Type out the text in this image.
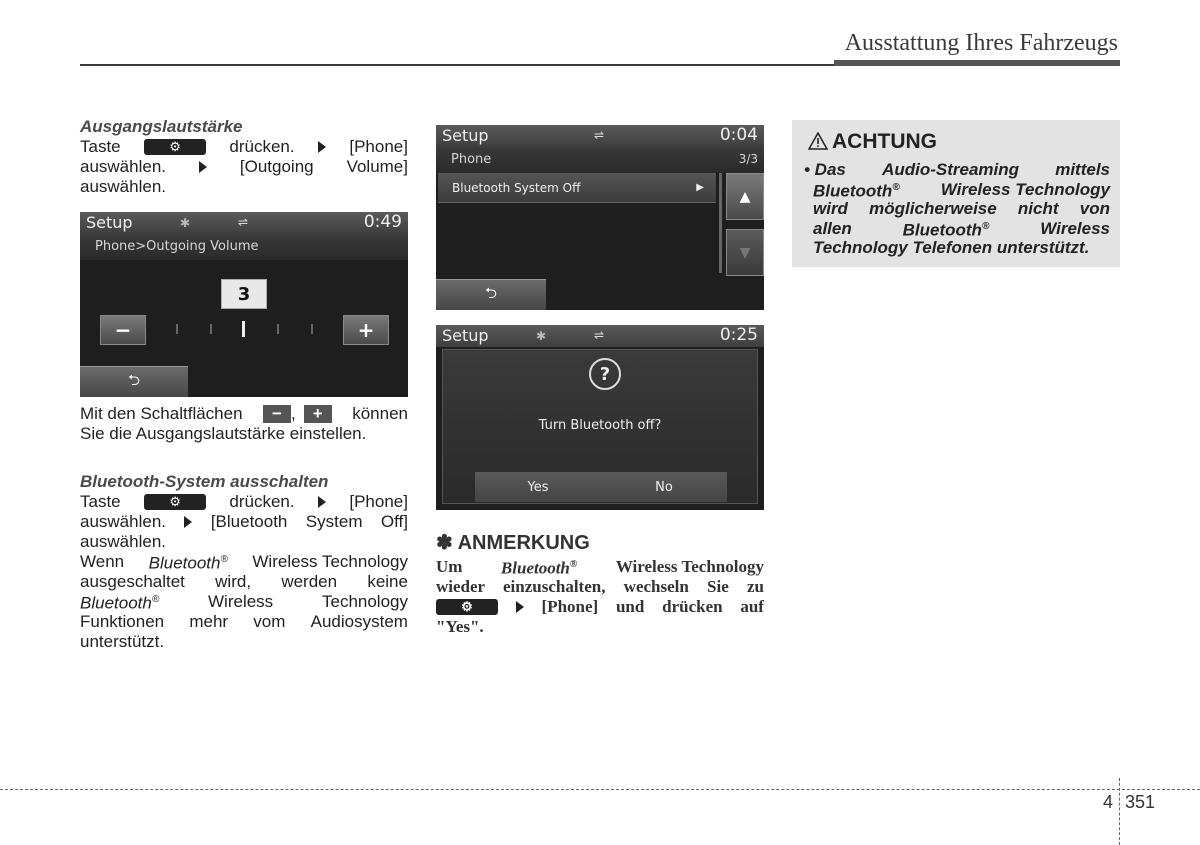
Ausstattung Ihres Fahrzeugs
Ausgangslautstärke
Taste	⚙	drücken.	[Phone]
auswählen.	[Outgoing Volume]
auswählen.
Setup	✱	⇌	0:49
Phone>Outgoing Volume
3
−	+
⮌
Mit den Schaltflächen	− ,	+	können
Sie die Ausgangslautstärke einstellen.
Bluetooth-System ausschalten
Taste	⚙	drücken.	[Phone]
auswählen.	[Bluetooth System Off]
auswählen.
Wenn Bluetooth® Wireless Technology
ausgeschaltet wird, werden keine
Bluetooth®	Wireless	Technology
Funktionen mehr vom Audiosystem
unterstützt.
Setup	⇌	0:04
Phone	3/3
Bluetooth System Off	▶
▲
▼
⮌
Setup	✱	⇌	0:25
?
Turn Bluetooth off?
Yes	No
✽ ANMERKUNG
Um Bluetooth® Wireless Technology
wieder einzuschalten, wechseln Sie zu
⚙	[Phone] und drücken auf
"Yes".
ACHTUNG
• Das Audio-Streaming mittels
Bluetooth® Wireless Technology
wird möglicherweise nicht von
allen	Bluetooth®	Wireless
Technology Telefonen unterstützt.
4 351
